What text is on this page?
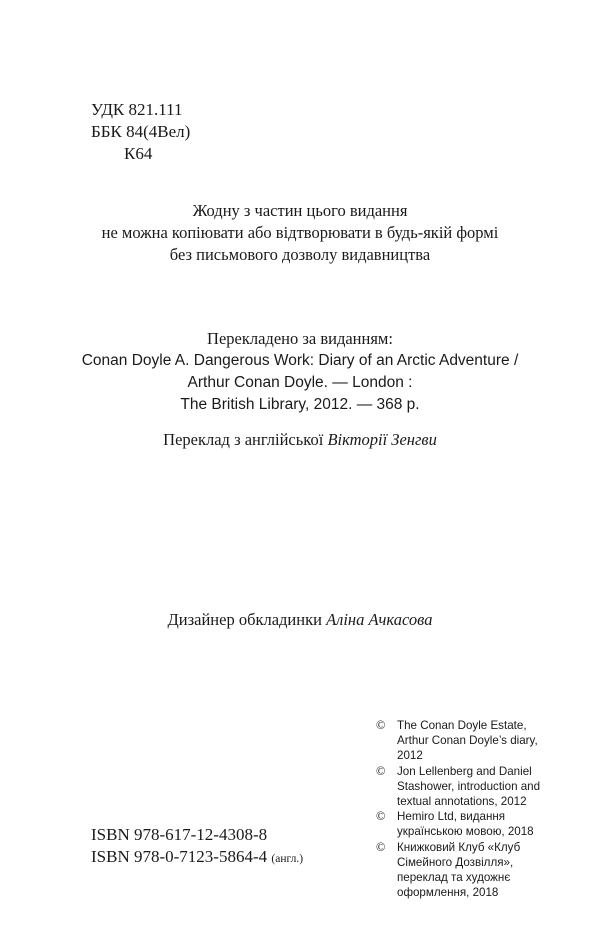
УДК 821.111
ББК 84(4Вел)
К64
Жодну з частин цього видання
не можна копіювати або відтворювати в будь-якій формі
без письмового дозволу видавництва
Перекладено за виданням:
Conan Doyle A. Dangerous Work: Diary of an Arctic Adventure /
Arthur Conan Doyle. — London :
The British Library, 2012. — 368 p.
Переклад з англійської Вікторії Зенгви
Дизайнер обкладинки Аліна Ачкасова
© The Conan Doyle Estate, Arthur Conan Doyle’s diary, 2012
© Jon Lellenberg and Daniel Stashower, introduction and textual annotations, 2012
© Hemiro Ltd, видання українською мовою, 2018
© Книжковий Клуб «Клуб Сімейного Дозвілля», переклад та художнє оформлення, 2018
ISBN 978-617-12-4308-8
ISBN 978-0-7123-5864-4 (англ.)
